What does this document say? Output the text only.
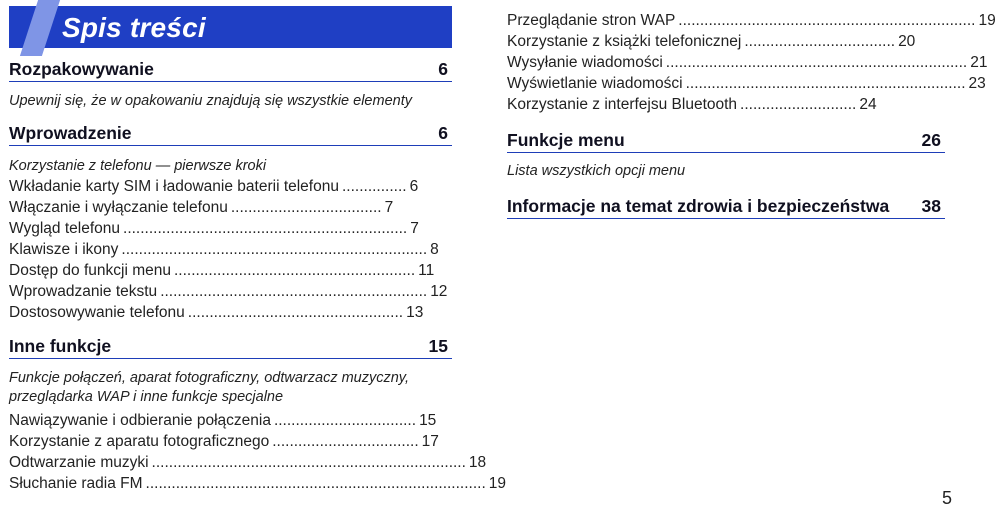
Spis treści
Rozpakowywanie	6
Upewnij się, że w opakowaniu znajdują się wszystkie elementy
Wprowadzenie	6
Korzystanie z telefonu — pierwsze kroki
Wkładanie karty SIM i ładowanie baterii telefonu ............... 6
Włączanie i wyłączanie telefonu ................................... 7
Wygląd telefonu .................................................................. 7
Klawisze i ikony ....................................................................... 8
Dostęp do funkcji menu ........................................................ 11
Wprowadzanie tekstu .............................................................. 12
Dostosowywanie telefonu .................................................. 13
Inne funkcje	15
Funkcje połączeń, aparat fotograficzny, odtwarzacz muzyczny,
przeglądarka WAP i inne funkcje specjalne
Nawiązywanie i odbieranie połączenia ................................. 15
Korzystanie z aparatu fotograficznego .................................. 17
Odtwarzanie muzyki ......................................................................... 18
Słuchanie radia FM ............................................................................... 19
Przeglądanie stron WAP ..................................................................... 19
Korzystanie z książki telefonicznej ................................... 20
Wysyłanie wiadomości ...................................................................... 21
Wyświetlanie wiadomości ................................................................. 23
Korzystanie z interfejsu Bluetooth ........................... 24
Funkcje menu	26
Lista wszystkich opcji menu
Informacje na temat zdrowia i bezpieczeństwa 38
5
